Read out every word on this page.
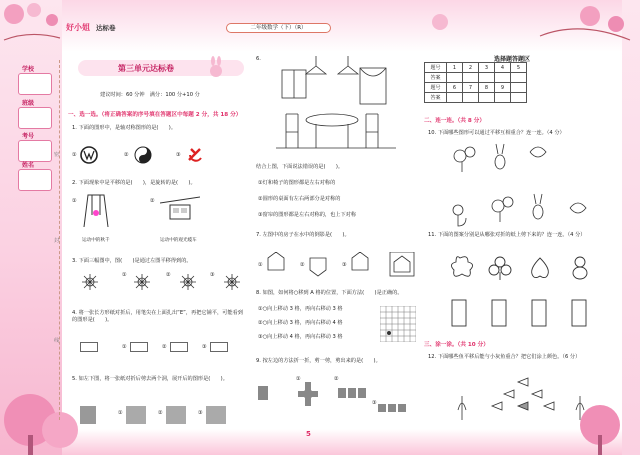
好小姐 达标卷	二年级数学（下）（R）
学校
班级
考号
姓名
密
封
线
第三单元达标卷
建议时间：60 分钟　满分：100 分+10 分
一、选一选。（将正确答案的序号填在答题区中每题 2 分，共 18 分）
1. 下面的图形中，是轴对称图形的是(　　)。
①	②	③
2. 下面现象中是平移的是(　　)，是旋转的是(　　)。
①	②
运动中的秋千	运动中的观光缆车
3. 下面三幅图中，图(　　)是通过左图平移得到的。
①	②	③
4. 将一张长方形纸对折后，用笔尖在上面扎出“E”，再把它铺平，可能看到的图形是(　　)。
①	②	③
5. 如左下图，将一张纸对折后剪去两个洞，展开后的图形是(　　)。
①	②	③
6.
结合上图，下面说法错误的是(　　)。
①灯和椅子的图形都是左右对称的
②圆形的桌面有左右两部分是对称的
③窗帘的图形都是左右对称的，也上下对称
7. 左图中的房子在水中的倒影是(　　)。
①	②	③
8. 如图，如何将○移到 A 格的位置，下面方法(　　)是正确的。
①○向上移动 3 格，再向右移动 3 格
②○向上移动 3 格，再向右移动 4 格
③○向上移动 4 格，再向右移动 3 格
9. 按左边的方法折一折，剪一剪，剪出来的是(　　)。
①	②
③
5
选择题答题区
题号	1	2	3	4	5
答案					
题号	6	7	8	9	
答案					
二、连一连。（共 8 分）
10. 下面哪些图形可以通过平移互相重合？连一连。（4 分）
11. 下面的图案分别是从哪张对折的纸上剪下来的？连一连。（4 分）
三、涂一涂。（共 10 分）
12. 下面哪些鱼平移后能与小灰鱼重合？把它们涂上颜色。（6 分）
